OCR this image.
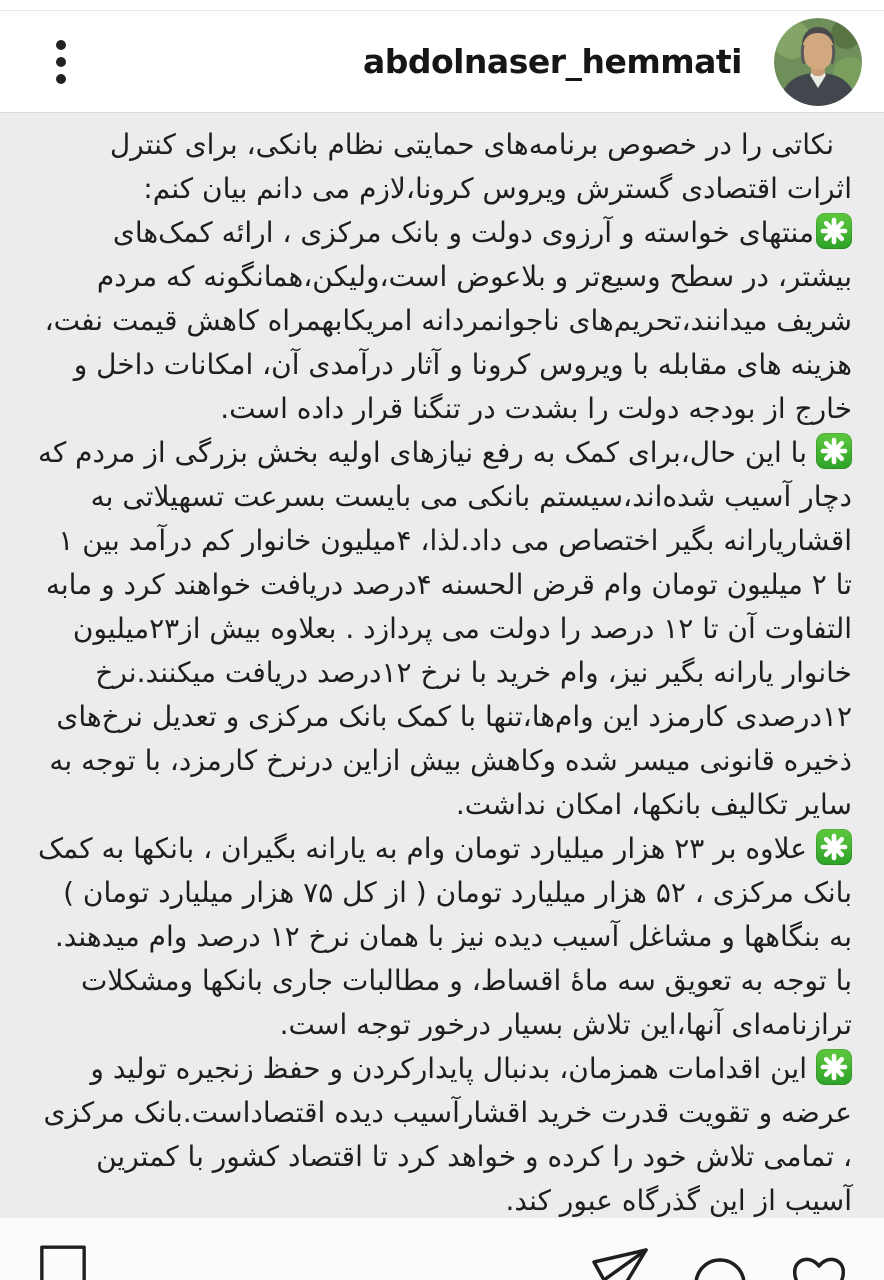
abdolnaser_hemmati

نکاتی را در خصوص برنامه‌های حمایتی نظام بانکی، برای کنترل اثرات اقتصادی گسترش ویروس کرونا،لازم می دانم بیان کنم:

منتهای خواسته و آرزوی دولت و بانک مرکزی ، ارائه کمک‌های بیشتر، در سطح وسیع‌تر و بلاعوض است،ولیکن،همانگونه که مردم شریف میدانند،تحریم‌های ناجوانمردانه امریکابهمراه کاهش قیمت نفت، هزینه های مقابله با ویروس کرونا و آثار درآمدی آن، امکانات داخل و خارج از بودجه دولت را بشدت در تنگنا قرار داده است.

با این حال،برای کمک به رفع نیازهای اولیه بخش بزرگی از مردم که دچار آسیب شده‌اند،سیستم بانکی می بایست بسرعت تسهیلاتی به اقشاریارانه بگیر اختصاص می داد.لذا، ۴میلیون خانوار کم درآمد بین ۱ تا ۲ میلیون تومان وام قرض الحسنه ۴درصد دریافت خواهند کرد و مابه التفاوت آن تا ۱۲ درصد را دولت می پردازد . بعلاوه بیش از۲۳میلیون خانوار یارانه بگیر نیز، وام خرید با نرخ ۱۲درصد دریافت میکنند.نرخ ۱۲درصدی کارمزد این وام‌ها،تنها با کمک بانک مرکزی و تعدیل نرخ‌های ذخیره قانونی میسر شده وکاهش بیش ازاین درنرخ کارمزد، با توجه به سایر تکالیف بانکها، امکان نداشت.

علاوه بر ۲۳ هزار میلیارد تومان وام به یارانه بگیران ، بانکها به کمک بانک مرکزی ، ۵۲ هزار میلیارد تومان ( از کل ۷۵ هزار میلیارد تومان ) به بنگاهها و مشاغل آسیب دیده نیز با همان نرخ ۱۲ درصد وام میدهند. با توجه به تعویق سه ماهٔ اقساط، و مطالبات جاری بانکها ومشکلات ترازنامه‌ای آنها،این تلاش بسیار درخور توجه است.

این اقدامات همزمان، بدنبال پایدارکردن و حفظ زنجیره تولید و عرضه و تقویت قدرت خرید اقشارآسیب دیده اقتصاداست.بانک مرکزی ، تمامی تلاش خود را کرده و خواهد کرد تا اقتصاد کشور با کمترین آسیب از این گذرگاه عبور کند.
